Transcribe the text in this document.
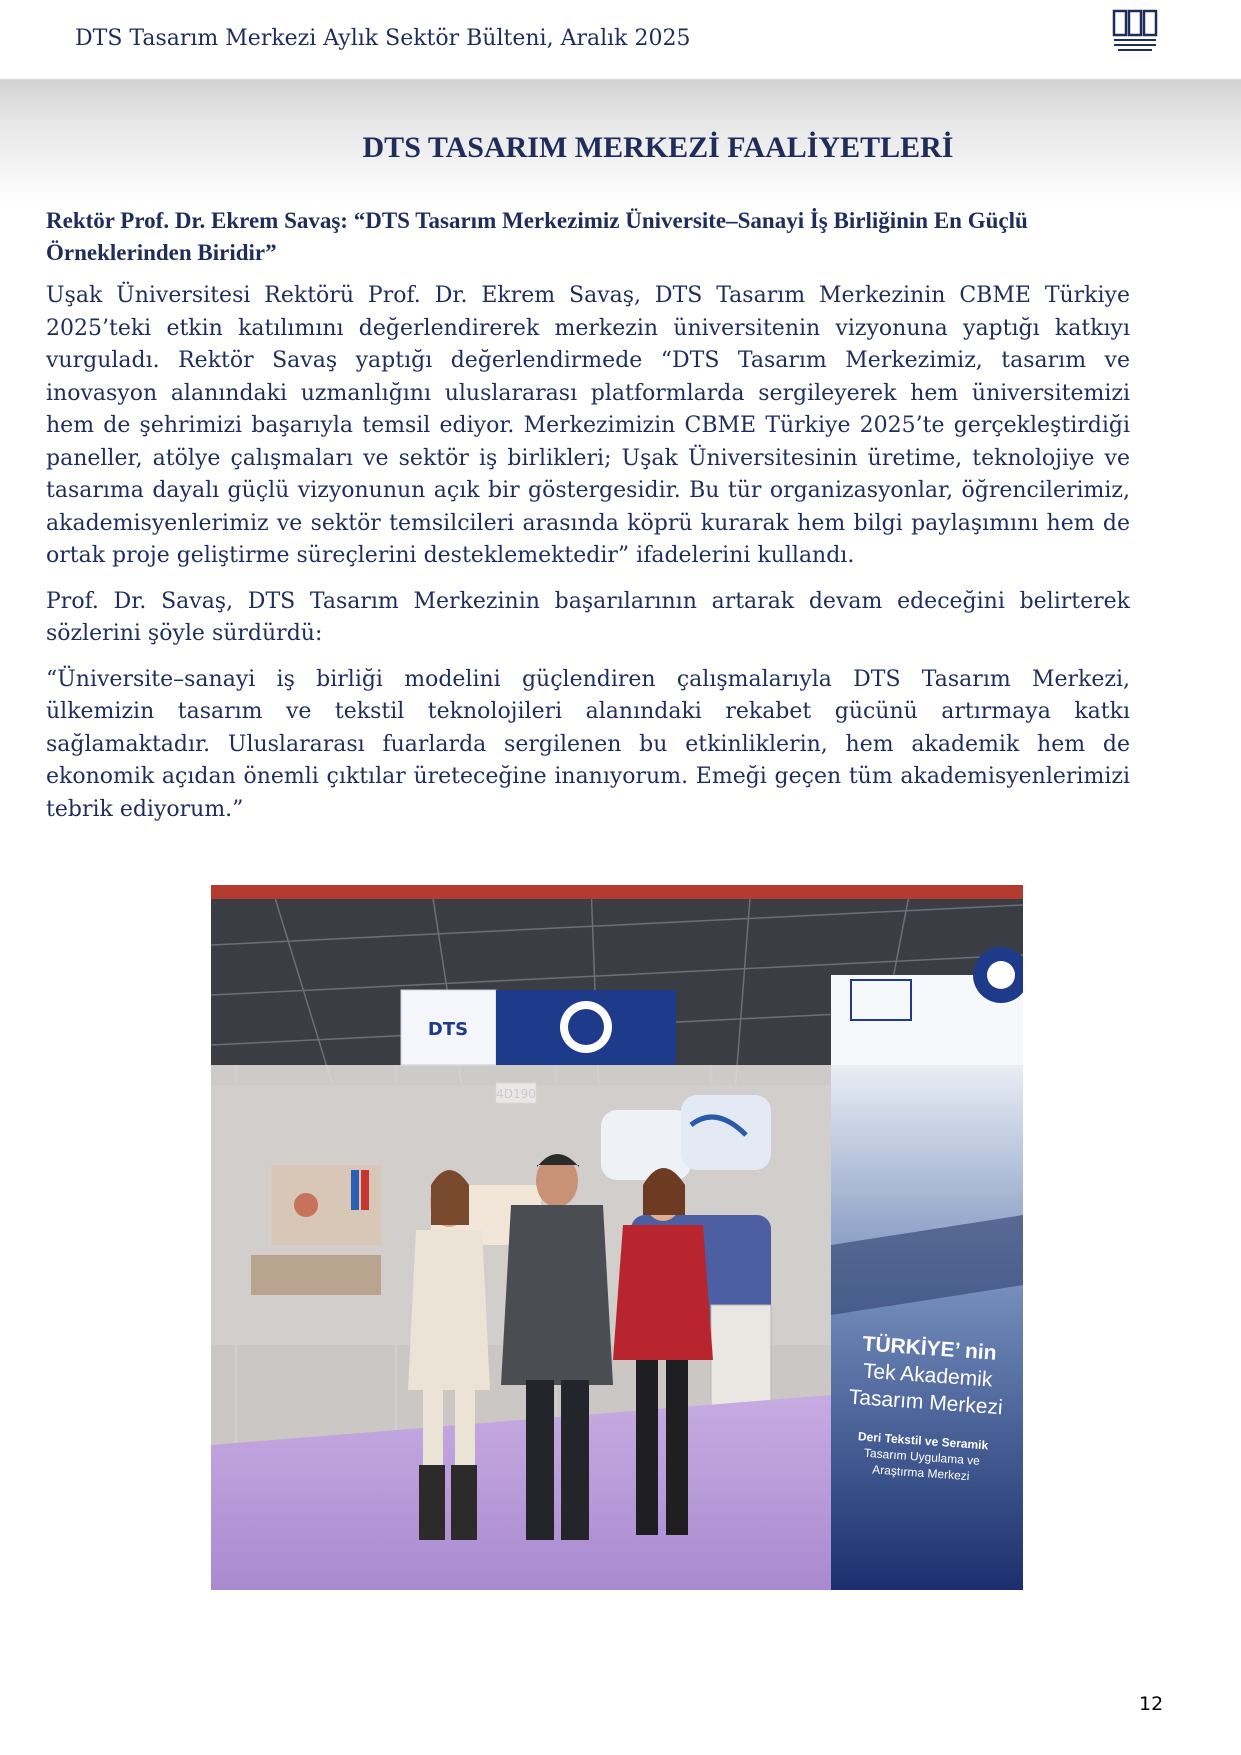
DTS Tasarım Merkezi Aylık Sektör Bülteni, Aralık 2025
DTS TASARIM MERKEZİ FAALİYETLERİ
Rektör Prof. Dr. Ekrem Savaş: “DTS Tasarım Merkezimiz Üniversite–Sanayi İş Birliğinin En Güçlü Örneklerinden Biridir”

Uşak Üniversitesi Rektörü Prof. Dr. Ekrem Savaş, DTS Tasarım Merkezinin CBME Türkiye 2025’teki etkin katılımını değerlendirerek merkezin üniversitenin vizyonuna yaptığı katkıyı vurguladı. Rektör Savaş yaptığı değerlendirmede “DTS Tasarım Merkezimiz, tasarım ve inovasyon alanındaki uzmanlığını uluslararası platformlarda sergileyerek hem üniversitemizi hem de şehrimizi başarıyla temsil ediyor. Merkezimizin CBME Türkiye 2025’te gerçekleştirdiği paneller, atölye çalışmaları ve sektör iş birlikleri; Uşak Üniversitesinin üretime, teknolojiye ve tasarıma dayalı güçlü vizyonunun açık bir göstergesidir. Bu tür organizasyonlar, öğrencilerimiz, akademisyenlerimiz ve sektör temsilcileri arasında köprü kurarak hem bilgi paylaşımını hem de ortak proje geliştirme süreçlerini desteklemektedir” ifadelerini kullandı.

Prof. Dr. Savaş, DTS Tasarım Merkezinin başarılarının artarak devam edeceğini belirterek sözlerini şöyle sürdürdü:

“Üniversite–sanayi iş birliği modelini güçlendiren çalışmalarıyla DTS Tasarım Merkezi, ülkemizin tasarım ve tekstil teknolojileri alanındaki rekabet gücünü artırmaya katkı sağlamaktadır. Uluslararası fuarlarda sergilenen bu etkinliklerin, hem akademik hem de ekonomik açıdan önemli çıktılar üreteceğine inanıyorum. Emeği geçen tüm akademisyenlerimizi tebrik ediyorum.”

DTS
TÜRKİYE’ nin
Tek Akademik
Tasarım Merkezi
Deri Tekstil ve Seramik
Tasarım Uygulama ve
Araştırma Merkezi
12
